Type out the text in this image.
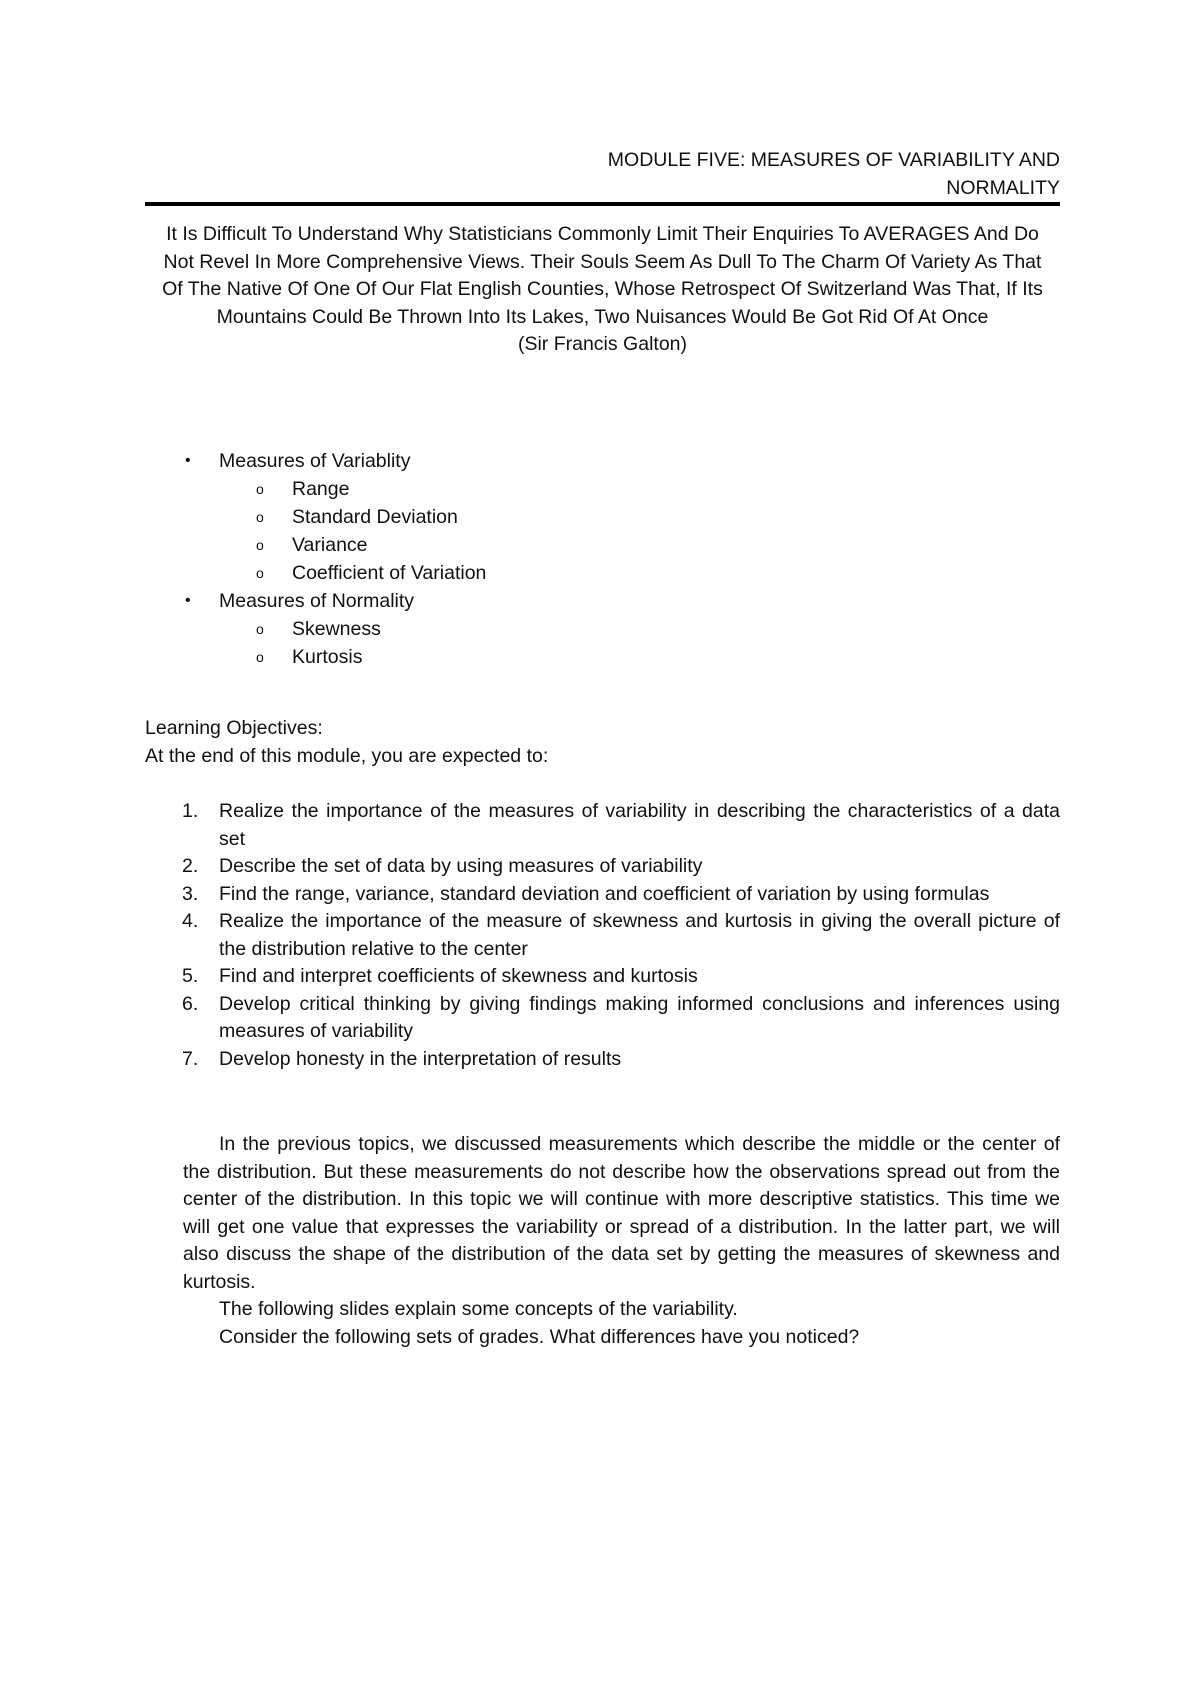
MODULE FIVE: MEASURES OF VARIABILITY AND
NORMALITY
It Is Difficult To Understand Why Statisticians Commonly Limit Their Enquiries To AVERAGES And Do Not Revel In More Comprehensive Views. Their Souls Seem As Dull To The Charm Of Variety As That Of The Native Of One Of Our Flat English Counties, Whose Retrospect Of Switzerland Was That, If Its Mountains Could Be Thrown Into Its Lakes, Two Nuisances Would Be Got Rid Of At Once
(Sir Francis Galton)
• Measures of Variablity
o Range
o Standard Deviation
o Variance
o Coefficient of Variation
• Measures of Normality
o Skewness
o Kurtosis
Learning Objectives:
At the end of this module, you are expected to:
1. Realize the importance of the measures of variability in describing the characteristics of a data set
2. Describe the set of data by using measures of variability
3. Find the range, variance, standard deviation and coefficient of variation by using formulas
4. Realize the importance of the measure of skewness and kurtosis in giving the overall picture of the distribution relative to the center
5. Find and interpret coefficients of skewness and kurtosis
6. Develop critical thinking by giving findings making informed conclusions and inferences using measures of variability
7. Develop honesty in the interpretation of results

In the previous topics, we discussed measurements which describe the middle or the center of the distribution. But these measurements do not describe how the observations spread out from the center of the distribution. In this topic we will continue with more descriptive statistics. This time we will get one value that expresses the variability or spread of a distribution. In the latter part, we will also discuss the shape of the distribution of the data set by getting the measures of skewness and kurtosis.

The following slides explain some concepts of the variability.

Consider the following sets of grades. What differences have you noticed?
